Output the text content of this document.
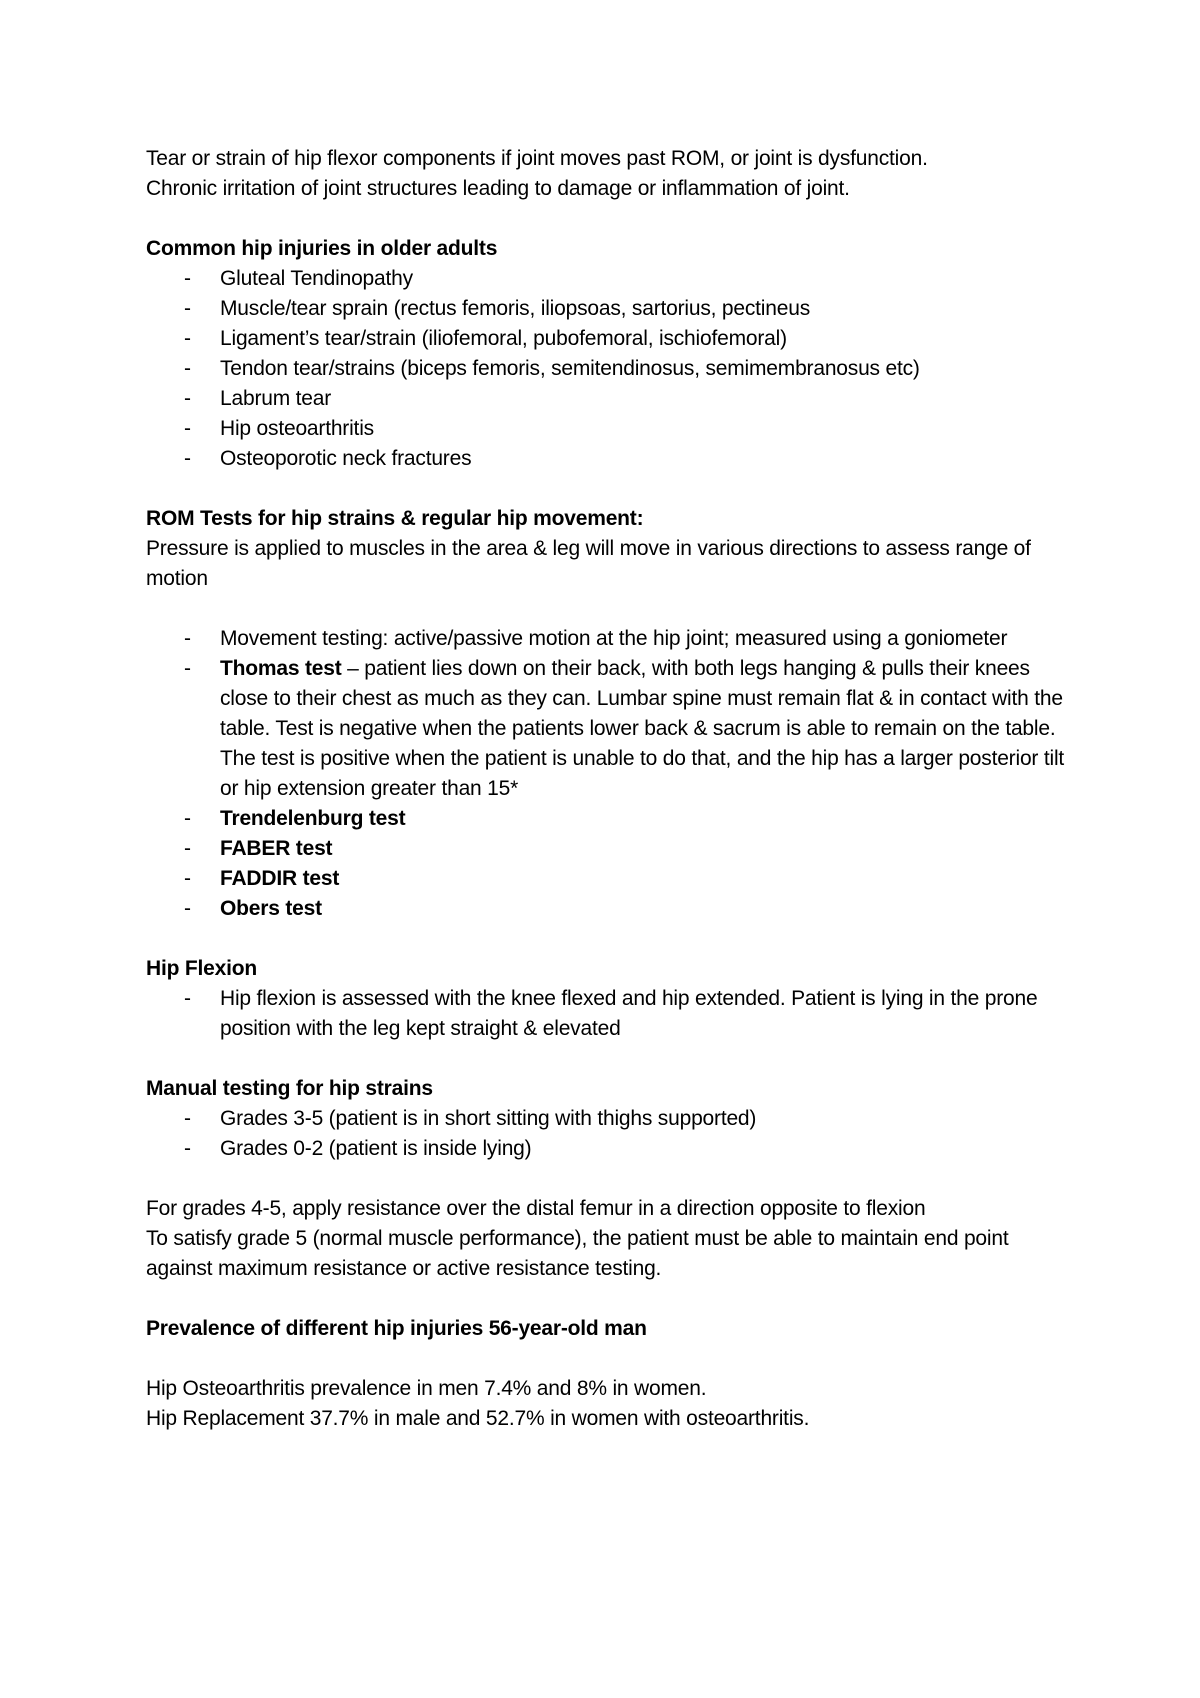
Tear or strain of hip flexor components if joint moves past ROM, or joint is dysfunction.

Chronic irritation of joint structures leading to damage or inflammation of joint.

Common hip injuries in older adults

- Gluteal Tendinopathy
- Muscle/tear sprain (rectus femoris, iliopsoas, sartorius, pectineus
- Ligament’s tear/strain (iliofemoral, pubofemoral, ischiofemoral)
- Tendon tear/strains (biceps femoris, semitendinosus, semimembranosus etc)
- Labrum tear
- Hip osteoarthritis
- Osteoporotic neck fractures

ROM Tests for hip strains & regular hip movement:

Pressure is applied to muscles in the area & leg will move in various directions to assess range of motion

- Movement testing: active/passive motion at the hip joint; measured using a goniometer
- Thomas test – patient lies down on their back, with both legs hanging & pulls their knees close to their chest as much as they can. Lumbar spine must remain flat & in contact with the table. Test is negative when the patients lower back & sacrum is able to remain on the table. The test is positive when the patient is unable to do that, and the hip has a larger posterior tilt or hip extension greater than 15*
- Trendelenburg test
- FABER test
- FADDIR test
- Obers test

Hip Flexion

- Hip flexion is assessed with the knee flexed and hip extended. Patient is lying in the prone position with the leg kept straight & elevated

Manual testing for hip strains

- Grades 3-5 (patient is in short sitting with thighs supported)
- Grades 0-2 (patient is inside lying)

For grades 4-5, apply resistance over the distal femur in a direction opposite to flexion

To satisfy grade 5 (normal muscle performance), the patient must be able to maintain end point against maximum resistance or active resistance testing.

Prevalence of different hip injuries 56-year-old man

Hip Osteoarthritis prevalence in men 7.4% and 8% in women.

Hip Replacement 37.7% in male and 52.7% in women with osteoarthritis.
